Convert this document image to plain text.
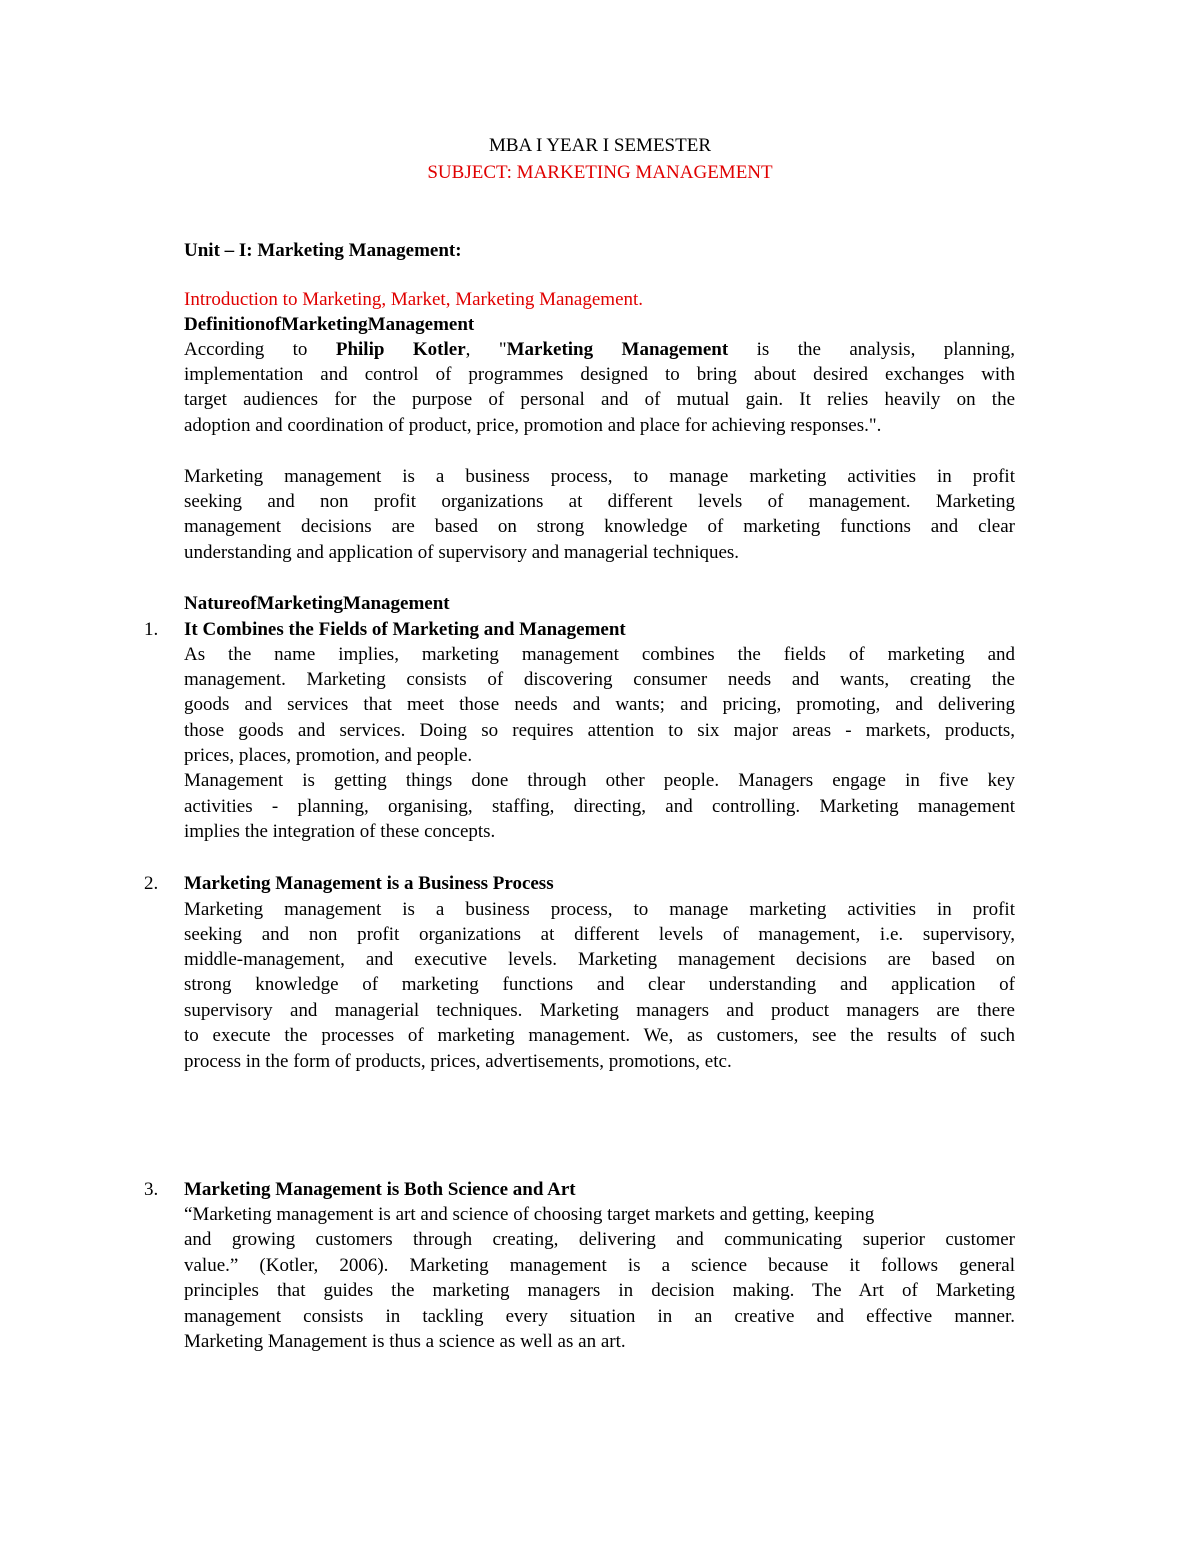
MBA I YEAR I SEMESTER
SUBJECT: MARKETING MANAGEMENT
Unit – I: Marketing Management:
Introduction to Marketing, Market, Marketing Management.
DefinitionofMarketingManagement
According to Philip Kotler, "Marketing Management is the analysis, planning,
implementation and control of programmes designed to bring about desired exchanges with
target audiences for the purpose of personal and of mutual gain. It relies heavily on the
adoption and coordination of product, price, promotion and place for achieving responses.".
Marketing management is a business process, to manage marketing activities in profit
seeking and non profit organizations at different levels of management. Marketing
management decisions are based on strong knowledge of marketing functions and clear
understanding and application of supervisory and managerial techniques.
NatureofMarketingManagement
1. It Combines the Fields of Marketing and Management
As the name implies, marketing management combines the fields of marketing and
management. Marketing consists of discovering consumer needs and wants, creating the
goods and services that meet those needs and wants; and pricing, promoting, and delivering
those goods and services. Doing so requires attention to six major areas - markets, products,
prices, places, promotion, and people.
Management is getting things done through other people. Managers engage in five key
activities - planning, organising, staffing, directing, and controlling. Marketing management
implies the integration of these concepts.
2. Marketing Management is a Business Process
Marketing management is a business process, to manage marketing activities in profit
seeking and non profit organizations at different levels of management, i.e. supervisory,
middle-management, and executive levels. Marketing management decisions are based on
strong knowledge of marketing functions and clear understanding and application of
supervisory and managerial techniques. Marketing managers and product managers are there
to execute the processes of marketing management. We, as customers, see the results of such
process in the form of products, prices, advertisements, promotions, etc.
3. Marketing Management is Both Science and Art
“Marketing management is art and science of choosing target markets and getting, keeping
and growing customers through creating, delivering and communicating superior customer
value.” (Kotler, 2006). Marketing management is a science because it follows general
principles that guides the marketing managers in decision making. The Art of Marketing
management consists in tackling every situation in an creative and effective manner.
Marketing Management is thus a science as well as an art.
